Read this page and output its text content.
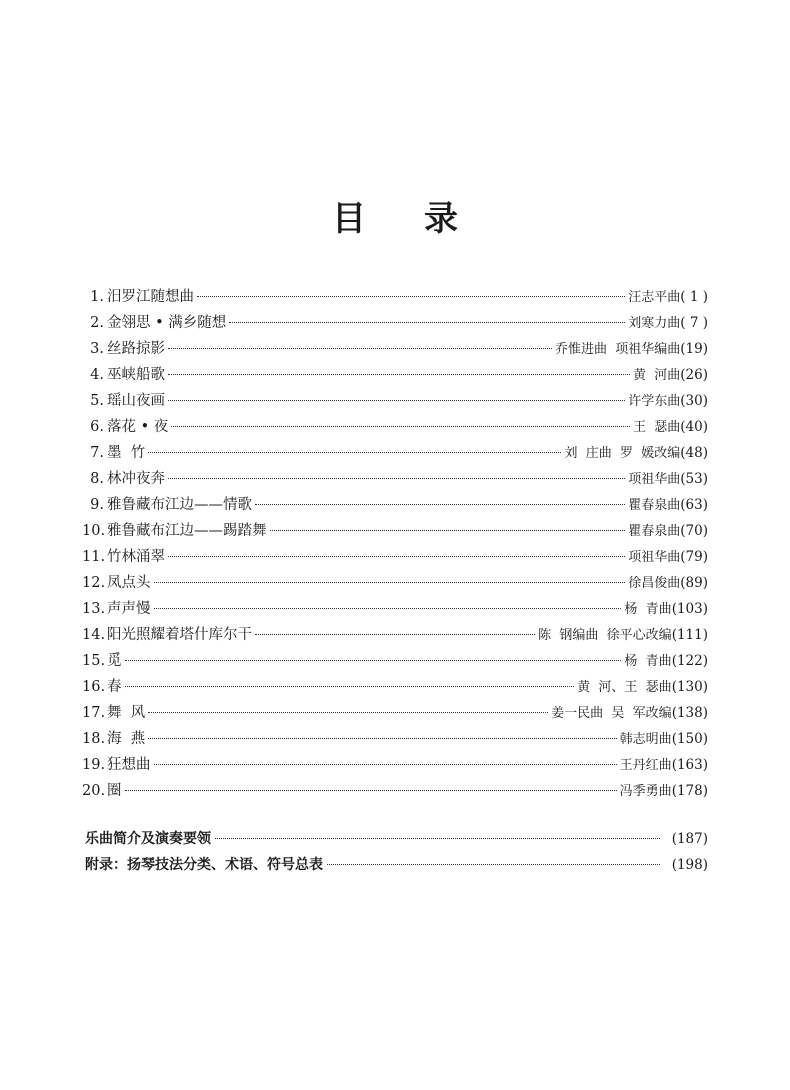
目 录
1. 汨罗江随想曲	汪志平曲 ( 1 )
2. 金翎思 • 满乡随想	刘寒力曲 ( 7 )
3. 丝路掠影	乔惟进曲  项祖华编曲 (19)
4. 巫峡船歌	黄  河曲 (26)
5. 瑶山夜画	许学东曲 (30)
6. 落花 • 夜	王  瑟曲 (40)
7. 墨  竹	刘  庄曲  罗  媛改编 (48)
8. 林冲夜奔	项祖华曲 (53)
9. 雅鲁藏布江边——情歌	瞿春泉曲 (63)
10. 雅鲁藏布江边——踢踏舞	瞿春泉曲 (70)
11. 竹林涌翠	项祖华曲 (79)
12. 凤点头	徐昌俊曲 (89)
13. 声声慢	杨  青曲 (103)
14. 阳光照耀着塔什库尔干	陈  钢编曲  徐平心改编 (111)
15. 觅	杨  青曲 (122)
16. 春	黄  河、王  瑟曲 (130)
17. 舞  风	姜一民曲  吴  军改编 (138)
18. 海  燕	韩志明曲 (150)
19. 狂想曲	王丹红曲 (163)
20. 圈	冯季勇曲 (178)
乐曲简介及演奏要领	(187)
附录：扬琴技法分类、术语、符号总表	(198)
